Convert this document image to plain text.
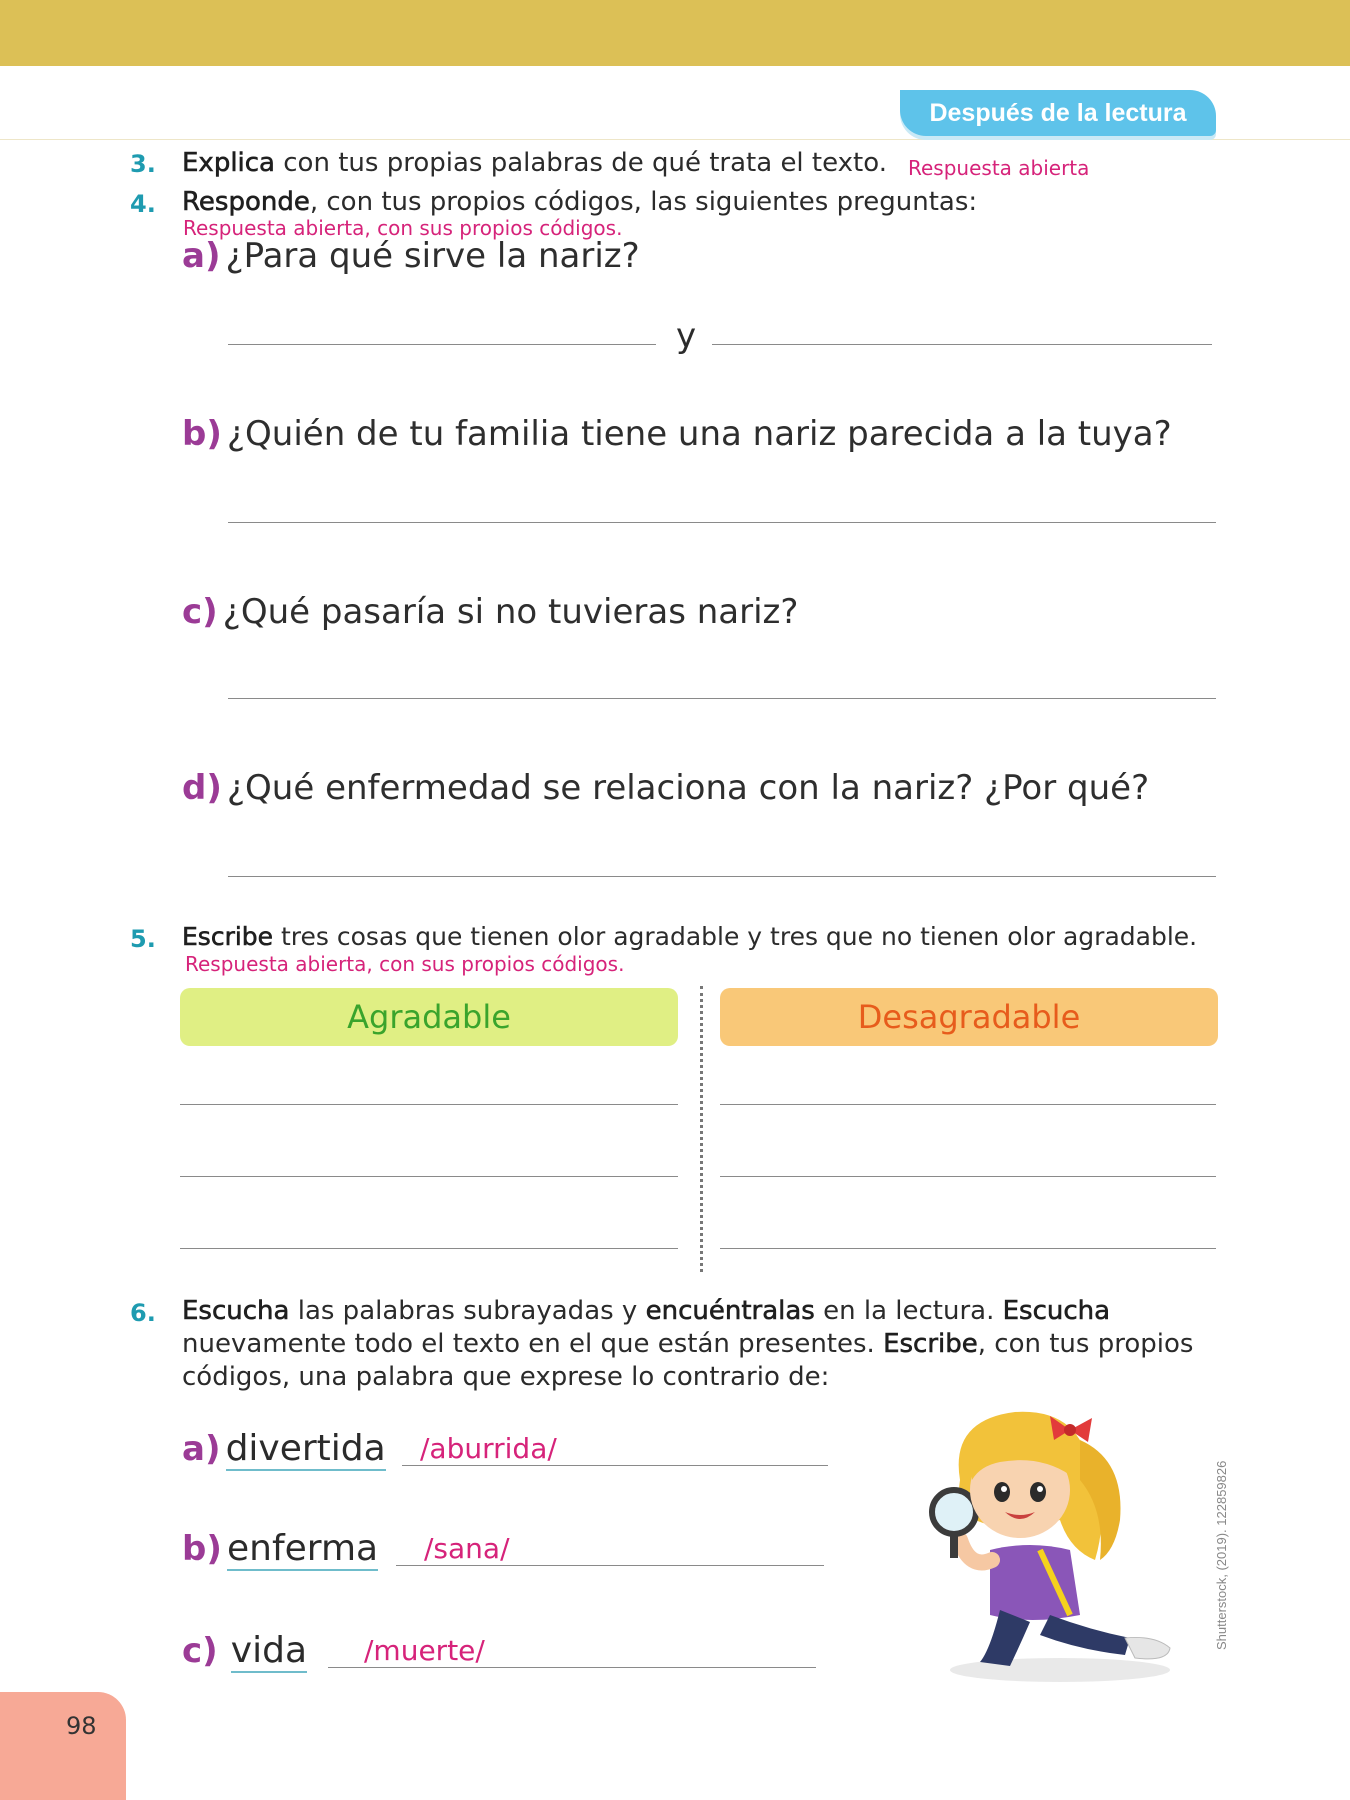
Después de la lectura
3. Explica con tus propias palabras de qué trata el texto. Respuesta abierta
4. Responde, con tus propios códigos, las siguientes preguntas:
Respuesta abierta, con sus propios códigos.
a) ¿Para qué sirve la nariz?
y
b) ¿Quién de tu familia tiene una nariz parecida a la tuya?
c) ¿Qué pasaría si no tuvieras nariz?
d) ¿Qué enfermedad se relaciona con la nariz? ¿Por qué?
5. Escribe tres cosas que tienen olor agradable y tres que no tienen olor agradable.
Respuesta abierta, con sus propios códigos.
Agradable	Desagradable
6. Escucha las palabras subrayadas y encuéntralas en la lectura. Escucha
nuevamente todo el texto en el que están presentes. Escribe, con tus propios
códigos, una palabra que exprese lo contrario de:
a) divertida	/aburrida/
b) enferma	/sana/
c) vida	/muerte/
98
Shutterstock, (2019). 122859826
